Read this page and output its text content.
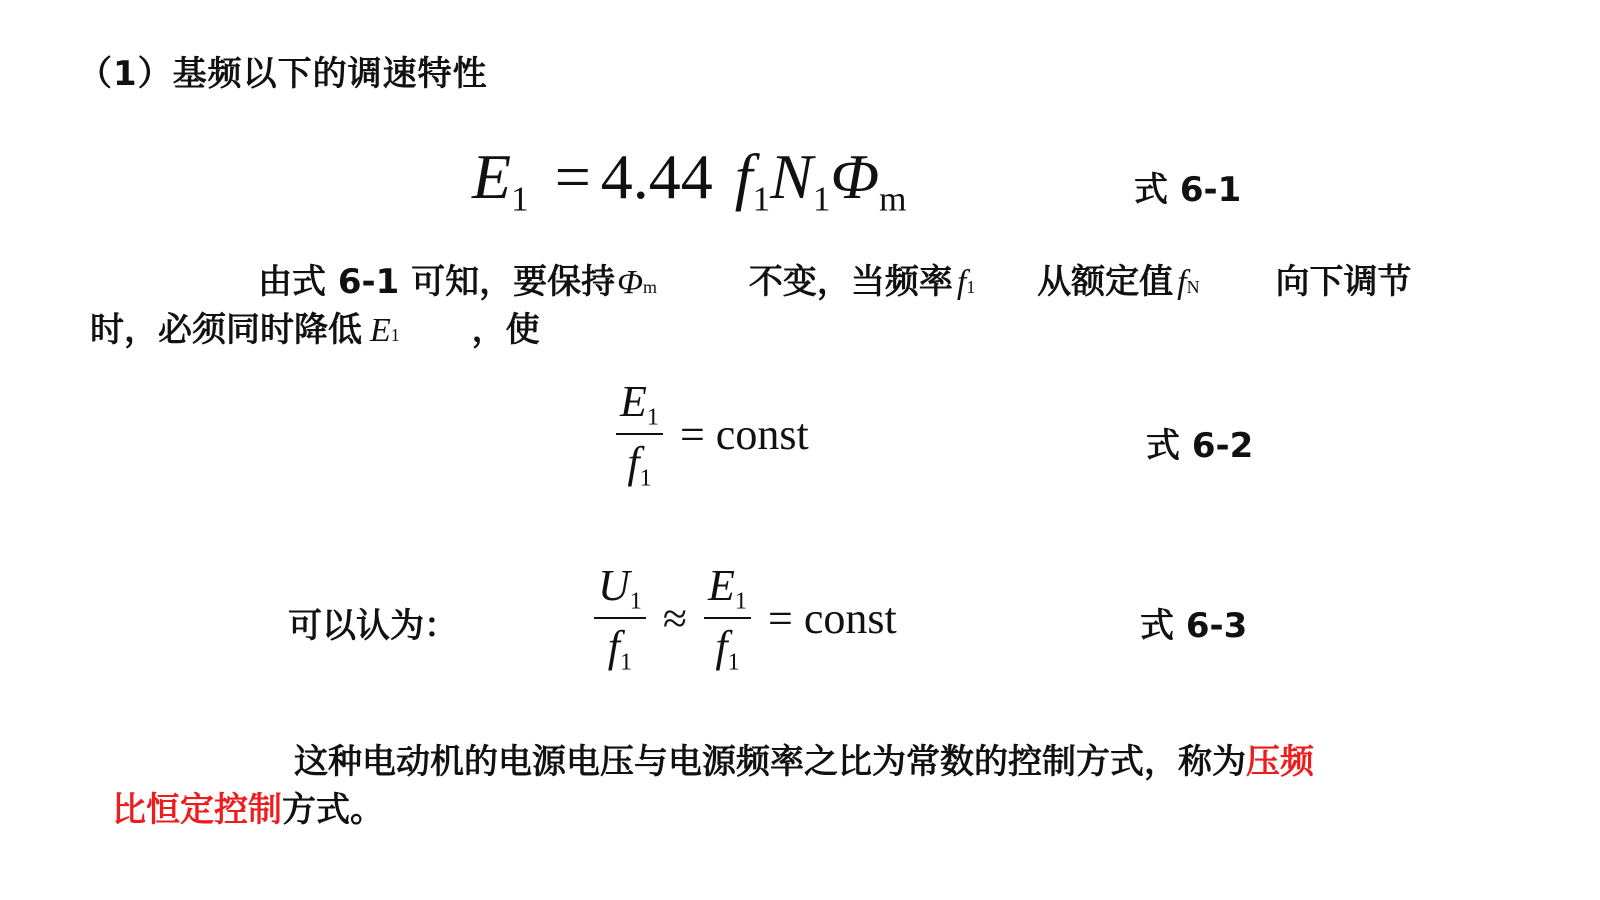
（1）基频以下的调速特性
$E_1 = 4.44$ $f_1N_1\Phi_m$	式 6-1
由式 6-1 可知，要保持Φm	不变，当频率 f1 从额定值 fN 向下调节
时，必须同时降低 E1 ，使
$\frac{E_1}{f_1}$ = const	式 6-2
可以认为：	$\frac{U_1}{f_1} \approx \frac{E_1}{f_1}$ = const	式 6-3
这种电动机的电源电压与电源频率之比为常数的控制方式，称为压频
比恒定控制方式。
